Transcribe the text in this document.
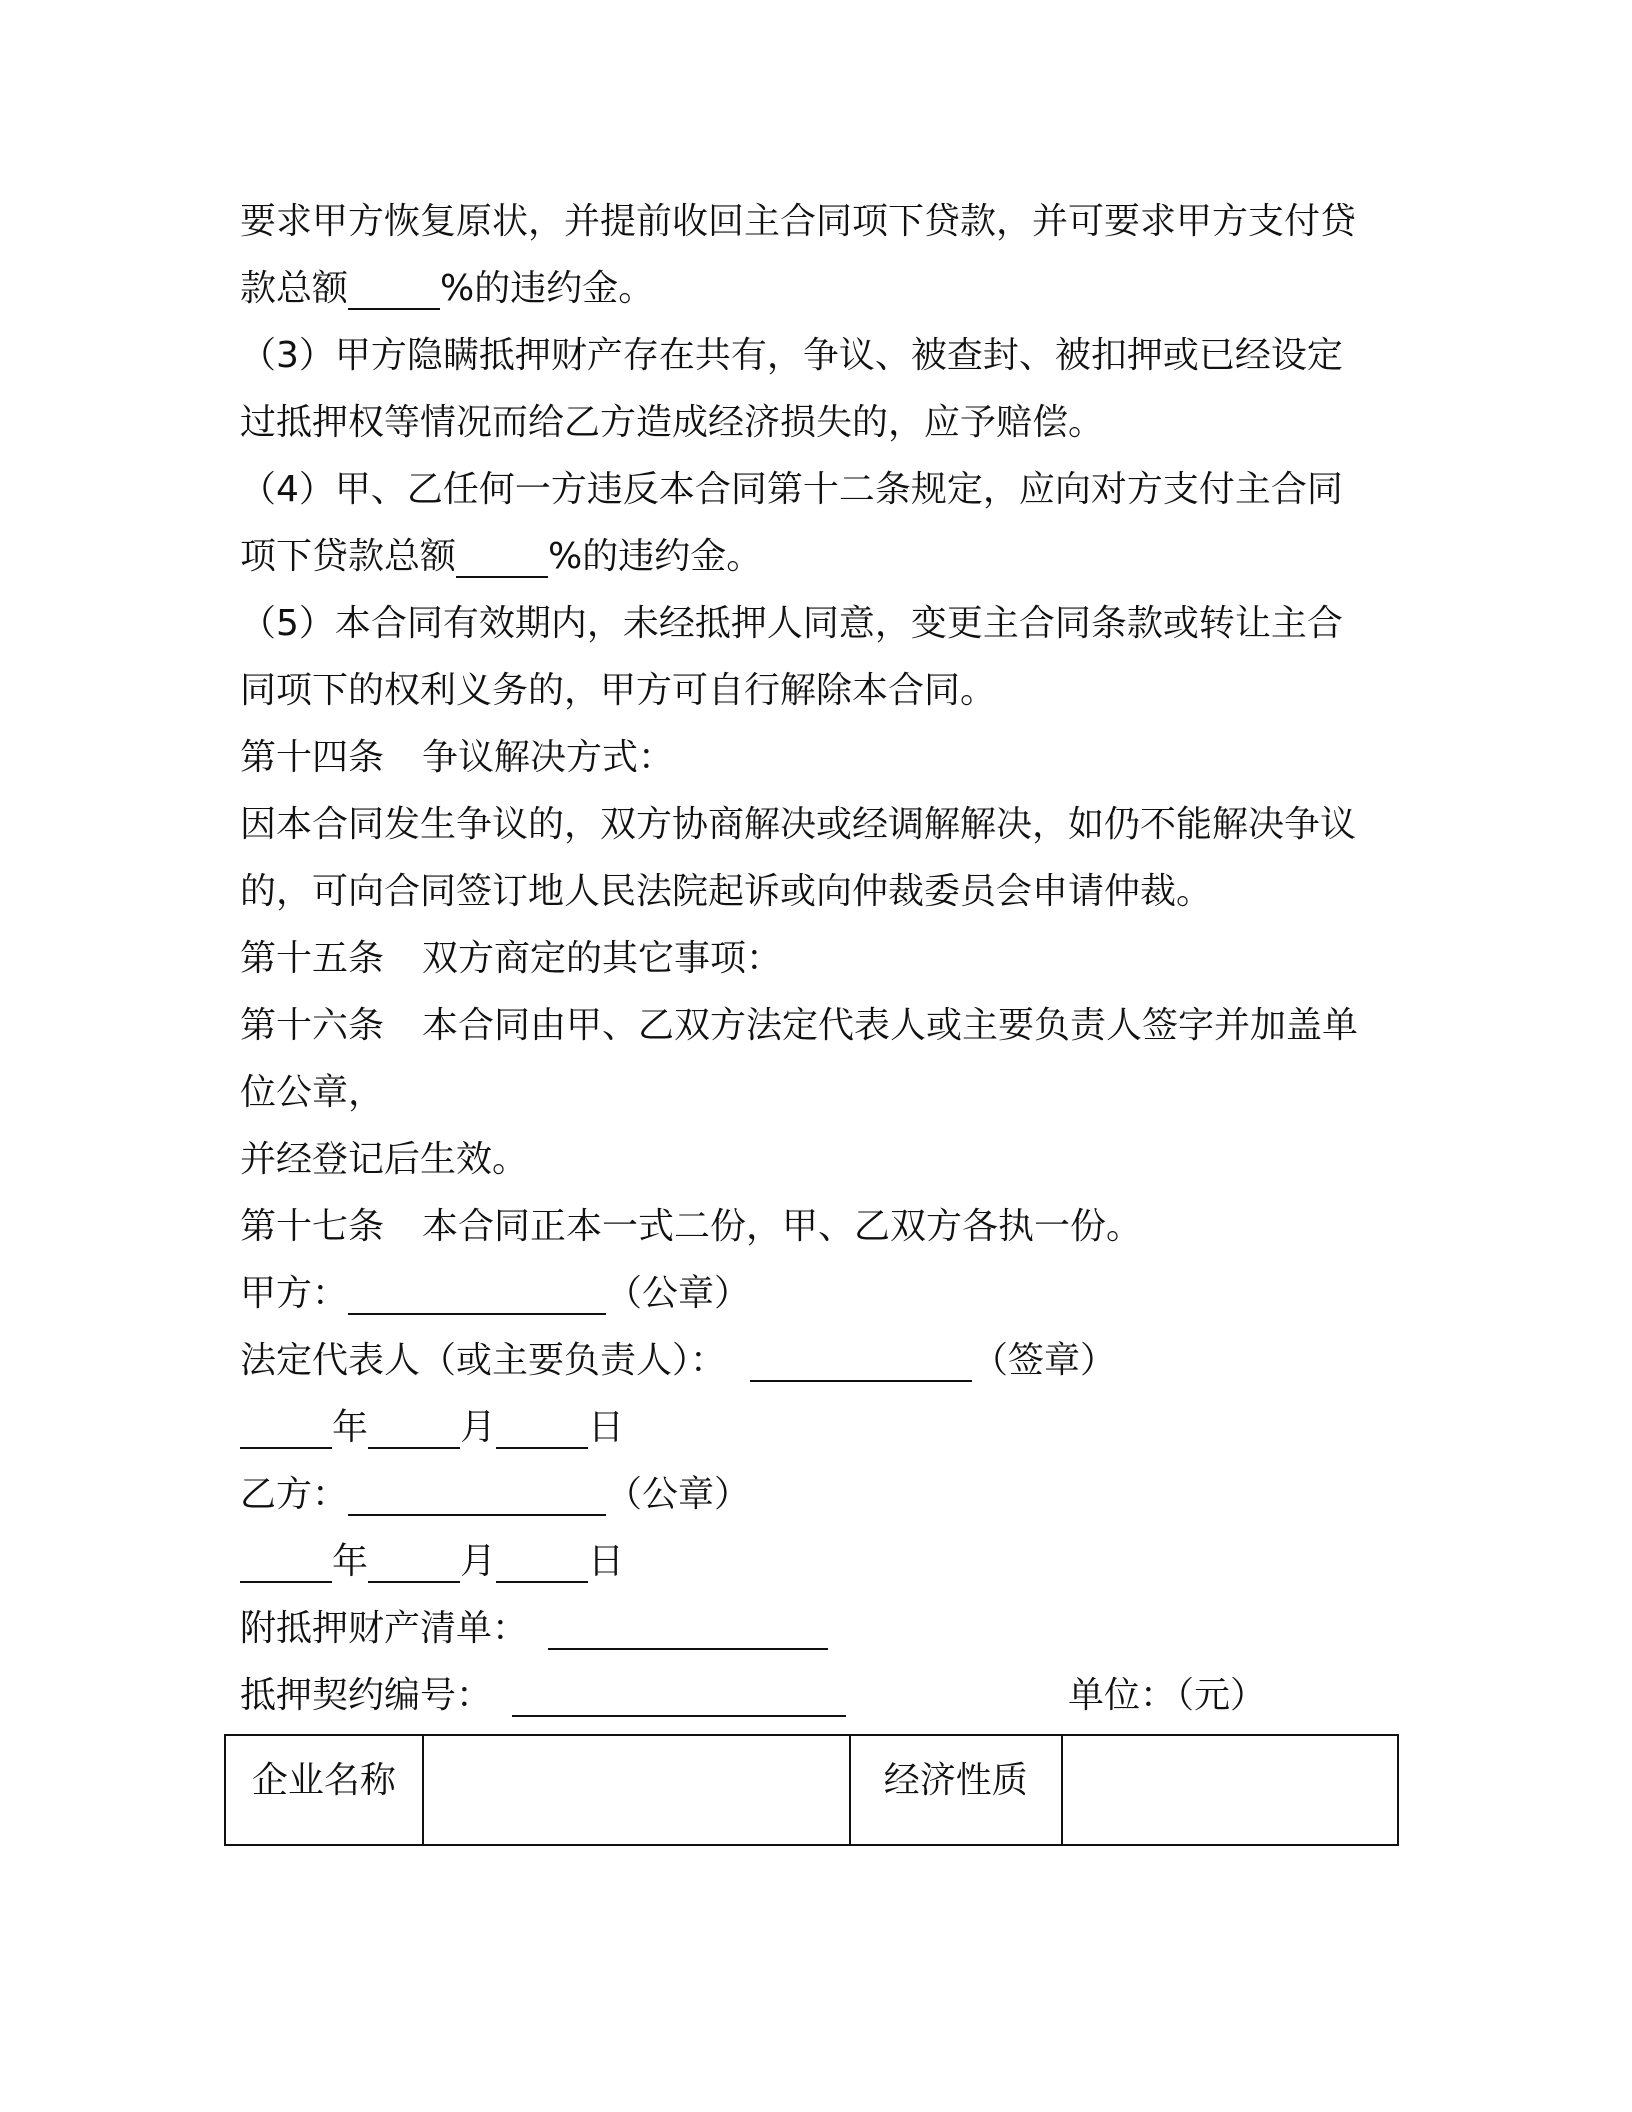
要求甲方恢复原状，并提前收回主合同项下贷款，并可要求甲方支付贷
款总额	%的违约金。
（3）甲方隐瞒抵押财产存在共有，争议、被查封、被扣押或已经设定
过抵押权等情况而给乙方造成经济损失的，应予赔偿。
（4）甲、乙任何一方违反本合同第十二条规定，应向对方支付主合同
项下贷款总额	%的违约金。
（5）本合同有效期内，未经抵押人同意，变更主合同条款或转让主合
同项下的权利义务的，甲方可自行解除本合同。
第十四条 争议解决方式：
因本合同发生争议的，双方协商解决或经调解解决，如仍不能解决争议
的，可向合同签订地人民法院起诉或向仲裁委员会申请仲裁。
第十五条 双方商定的其它事项：
第十六条 本合同由甲、乙双方法定代表人或主要负责人签字并加盖单
位公章，
并经登记后生效。
第十七条 本合同正本一式二份，甲、乙双方各执一份。
甲方：	（公章）
法定代表人（或主要负责人）：	（签章）
年	月	日
乙方：	（公章）
年	月	日
附抵押财产清单：
抵押契约编号：	单位：（元）
企业名称		经济性质	
